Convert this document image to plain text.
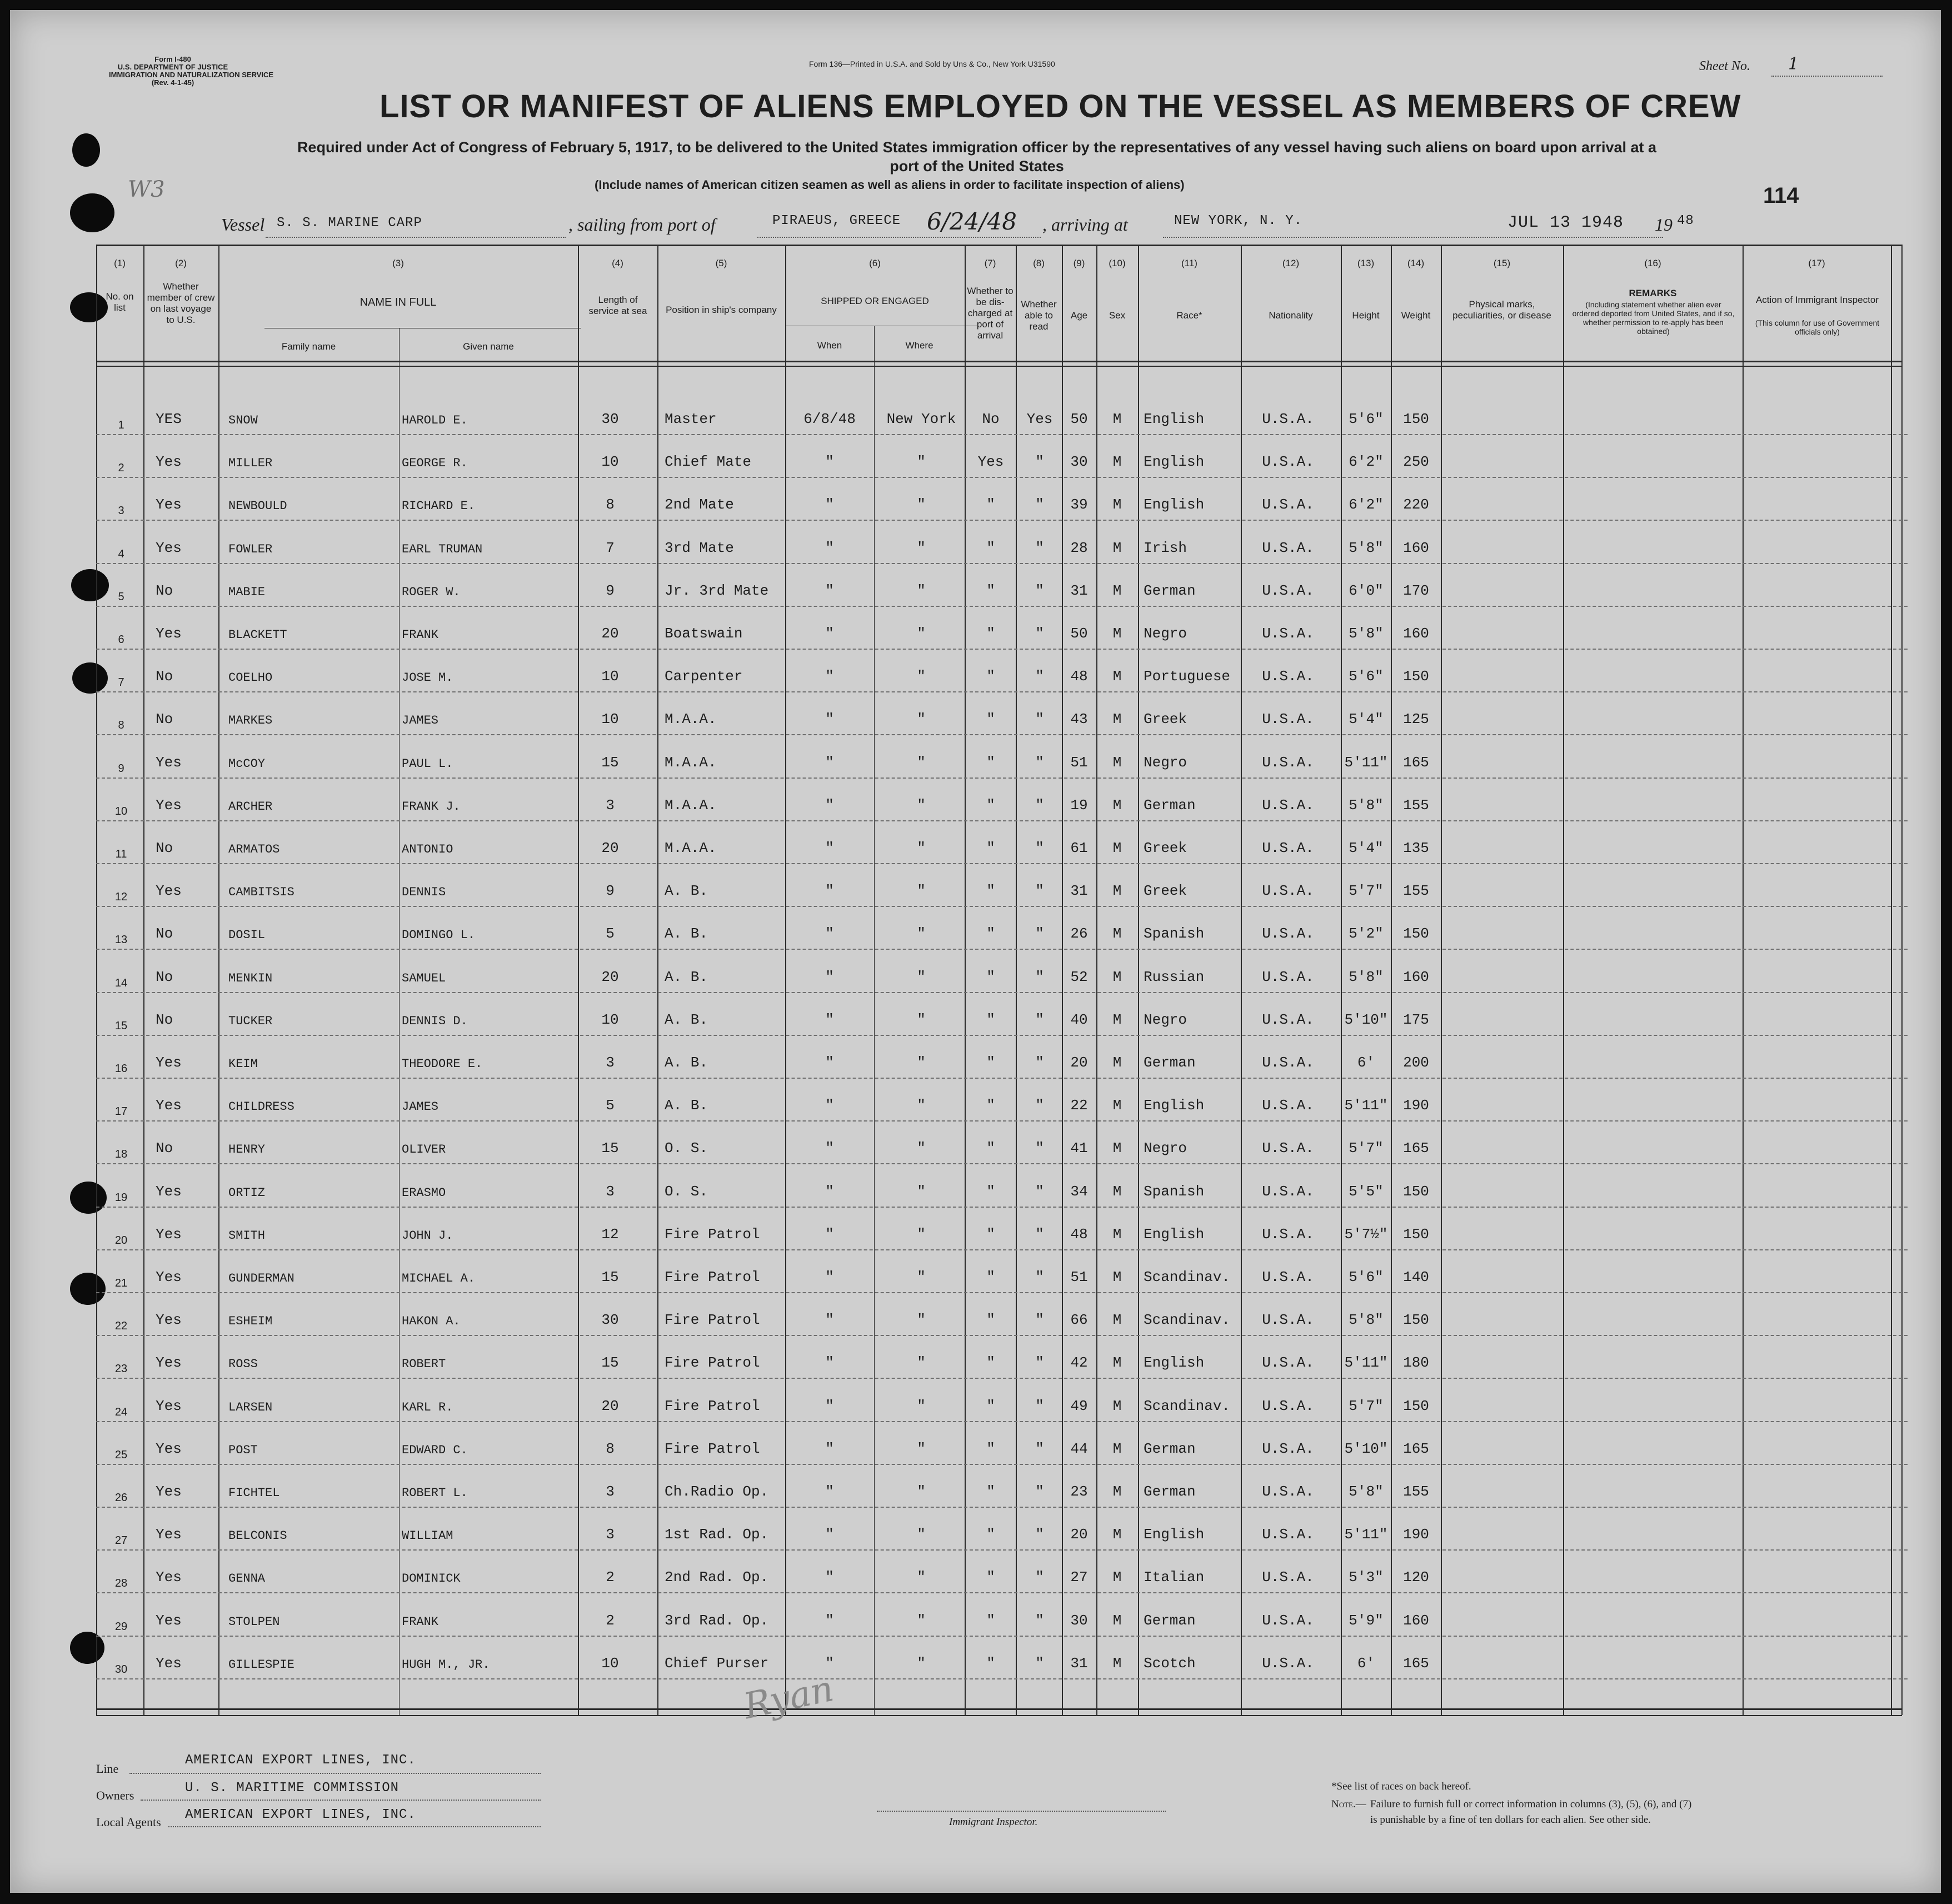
Form I-480
U.S. DEPARTMENT OF JUSTICE
IMMIGRATION AND NATURALIZATION SERVICE
(Rev. 4-1-45)
Form 136—Printed in U.S.A. and Sold by Uns & Co., New York U31590	Sheet No. 1
LIST OR MANIFEST OF ALIENS EMPLOYED ON THE VESSEL AS MEMBERS OF CREW
Required under Act of Congress of February 5, 1917, to be delivered to the United States immigration officer by the representatives of any vessel having such aliens on board upon arrival at a
port of the United States
(Include names of American citizen seamen as well as aliens in order to facilitate inspection of aliens)	114
W3
Vessel S. S. MARINE CARP	, sailing from port of	PIRAEUS, GREECE 6/24/48 , arriving at	NEW YORK, N. Y.	JUL 13 1948 19 48
(1)	(2)	(3)	(4)	(5)	(6)	(7)	(8)	(9)	(10)	(11)	(12)	(13)	(14)	(15)	(16)	(17)
No. on list
Whether member of crew on last voyage to U.S.
NAME IN FULL
Family name	Given name
Length of service at sea	Position in ship's company
SHIPPED OR ENGAGED
When	Where
Whether to be dis-charged at port of arrival
Whether able to read
Age	Sex	Race*	Nationality	Height	Weight
Physical marks, peculiarities, or disease
REMARKS
(Including statement whether alien ever ordered deported from United States, and if so, whether permission to re-apply has been obtained)
Action of Immigrant Inspector
(This column for use of Government officials only)
1	YES	SNOW	HAROLD E.	30	Master	6/8/48	New York	No	Yes	50	M	English	U.S.A.	5'6"	150
2	Yes	MILLER	GEORGE R.	10	Chief Mate	"	"	Yes	"	30	M	English	U.S.A.	6'2"	250
3	Yes	NEWBOULD	RICHARD E.	8	2nd Mate	"	"	"	"	39	M	English	U.S.A.	6'2"	220
4	Yes	FOWLER	EARL TRUMAN	7	3rd Mate	"	"	"	"	28	M	Irish	U.S.A.	5'8"	160
5	No	MABIE	ROGER W.	9	Jr. 3rd Mate	"	"	"	"	31	M	German	U.S.A.	6'0"	170
6	Yes	BLACKETT	FRANK	20	Boatswain	"	"	"	"	50	M	Negro	U.S.A.	5'8"	160
7	No	COELHO	JOSE M.	10	Carpenter	"	"	"	"	48	M	Portuguese	U.S.A.	5'6"	150
8	No	MARKES	JAMES	10	M.A.A.	"	"	"	"	43	M	Greek	U.S.A.	5'4"	125
9	Yes	McCOY	PAUL L.	15	M.A.A.	"	"	"	"	51	M	Negro	U.S.A.	5'11"	165
10	Yes	ARCHER	FRANK J.	3	M.A.A.	"	"	"	"	19	M	German	U.S.A.	5'8"	155
11	No	ARMATOS	ANTONIO	20	M.A.A.	"	"	"	"	61	M	Greek	U.S.A.	5'4"	135
12	Yes	CAMBITSIS	DENNIS	9	A. B.	"	"	"	"	31	M	Greek	U.S.A.	5'7"	155
13	No	DOSIL	DOMINGO L.	5	A. B.	"	"	"	"	26	M	Spanish	U.S.A.	5'2"	150
14	No	MENKIN	SAMUEL	20	A. B.	"	"	"	"	52	M	Russian	U.S.A.	5'8"	160
15	No	TUCKER	DENNIS D.	10	A. B.	"	"	"	"	40	M	Negro	U.S.A.	5'10"	175
16	Yes	KEIM	THEODORE E.	3	A. B.	"	"	"	"	20	M	German	U.S.A.	6'	200
17	Yes	CHILDRESS	JAMES	5	A. B.	"	"	"	"	22	M	English	U.S.A.	5'11"	190
18	No	HENRY	OLIVER	15	O. S.	"	"	"	"	41	M	Negro	U.S.A.	5'7"	165
19	Yes	ORTIZ	ERASMO	3	O. S.	"	"	"	"	34	M	Spanish	U.S.A.	5'5"	150
20	Yes	SMITH	JOHN J.	12	Fire Patrol	"	"	"	"	48	M	English	U.S.A.	5'7½"	150
21	Yes	GUNDERMAN	MICHAEL A.	15	Fire Patrol	"	"	"	"	51	M	Scandinav.	U.S.A.	5'6"	140
22	Yes	ESHEIM	HAKON A.	30	Fire Patrol	"	"	"	"	66	M	Scandinav.	U.S.A.	5'8"	150
23	Yes	ROSS	ROBERT	15	Fire Patrol	"	"	"	"	42	M	English	U.S.A.	5'11"	180
24	Yes	LARSEN	KARL R.	20	Fire Patrol	"	"	"	"	49	M	Scandinav.	U.S.A.	5'7"	150
25	Yes	POST	EDWARD C.	8	Fire Patrol	"	"	"	"	44	M	German	U.S.A.	5'10"	165
26	Yes	FICHTEL	ROBERT L.	3	Ch.Radio Op.	"	"	"	"	23	M	German	U.S.A.	5'8"	155
27	Yes	BELCONIS	WILLIAM	3	1st Rad. Op.	"	"	"	"	20	M	English	U.S.A.	5'11"	190
28	Yes	GENNA	DOMINICK	2	2nd Rad. Op.	"	"	"	"	27	M	Italian	U.S.A.	5'3"	120
29	Yes	STOLPEN	FRANK	2	3rd Rad. Op.	"	"	"	"	30	M	German	U.S.A.	5'9"	160
30	Yes	GILLESPIE	HUGH M., JR.	10	Chief Purser	"	"	"	"	31	M	Scotch	U.S.A.	6'	165
Line
AMERICAN EXPORT LINES, INC.
Owners	U. S. MARITIME COMMISSION
Local Agents AMERICAN EXPORT LINES, INC.	Immigrant Inspector.
Ryan
*See list of races on back hereof.
Note.— Failure to furnish full or correct information in columns (3), (5), (6), and (7)
is punishable by a fine of ten dollars for each alien. See other side.
